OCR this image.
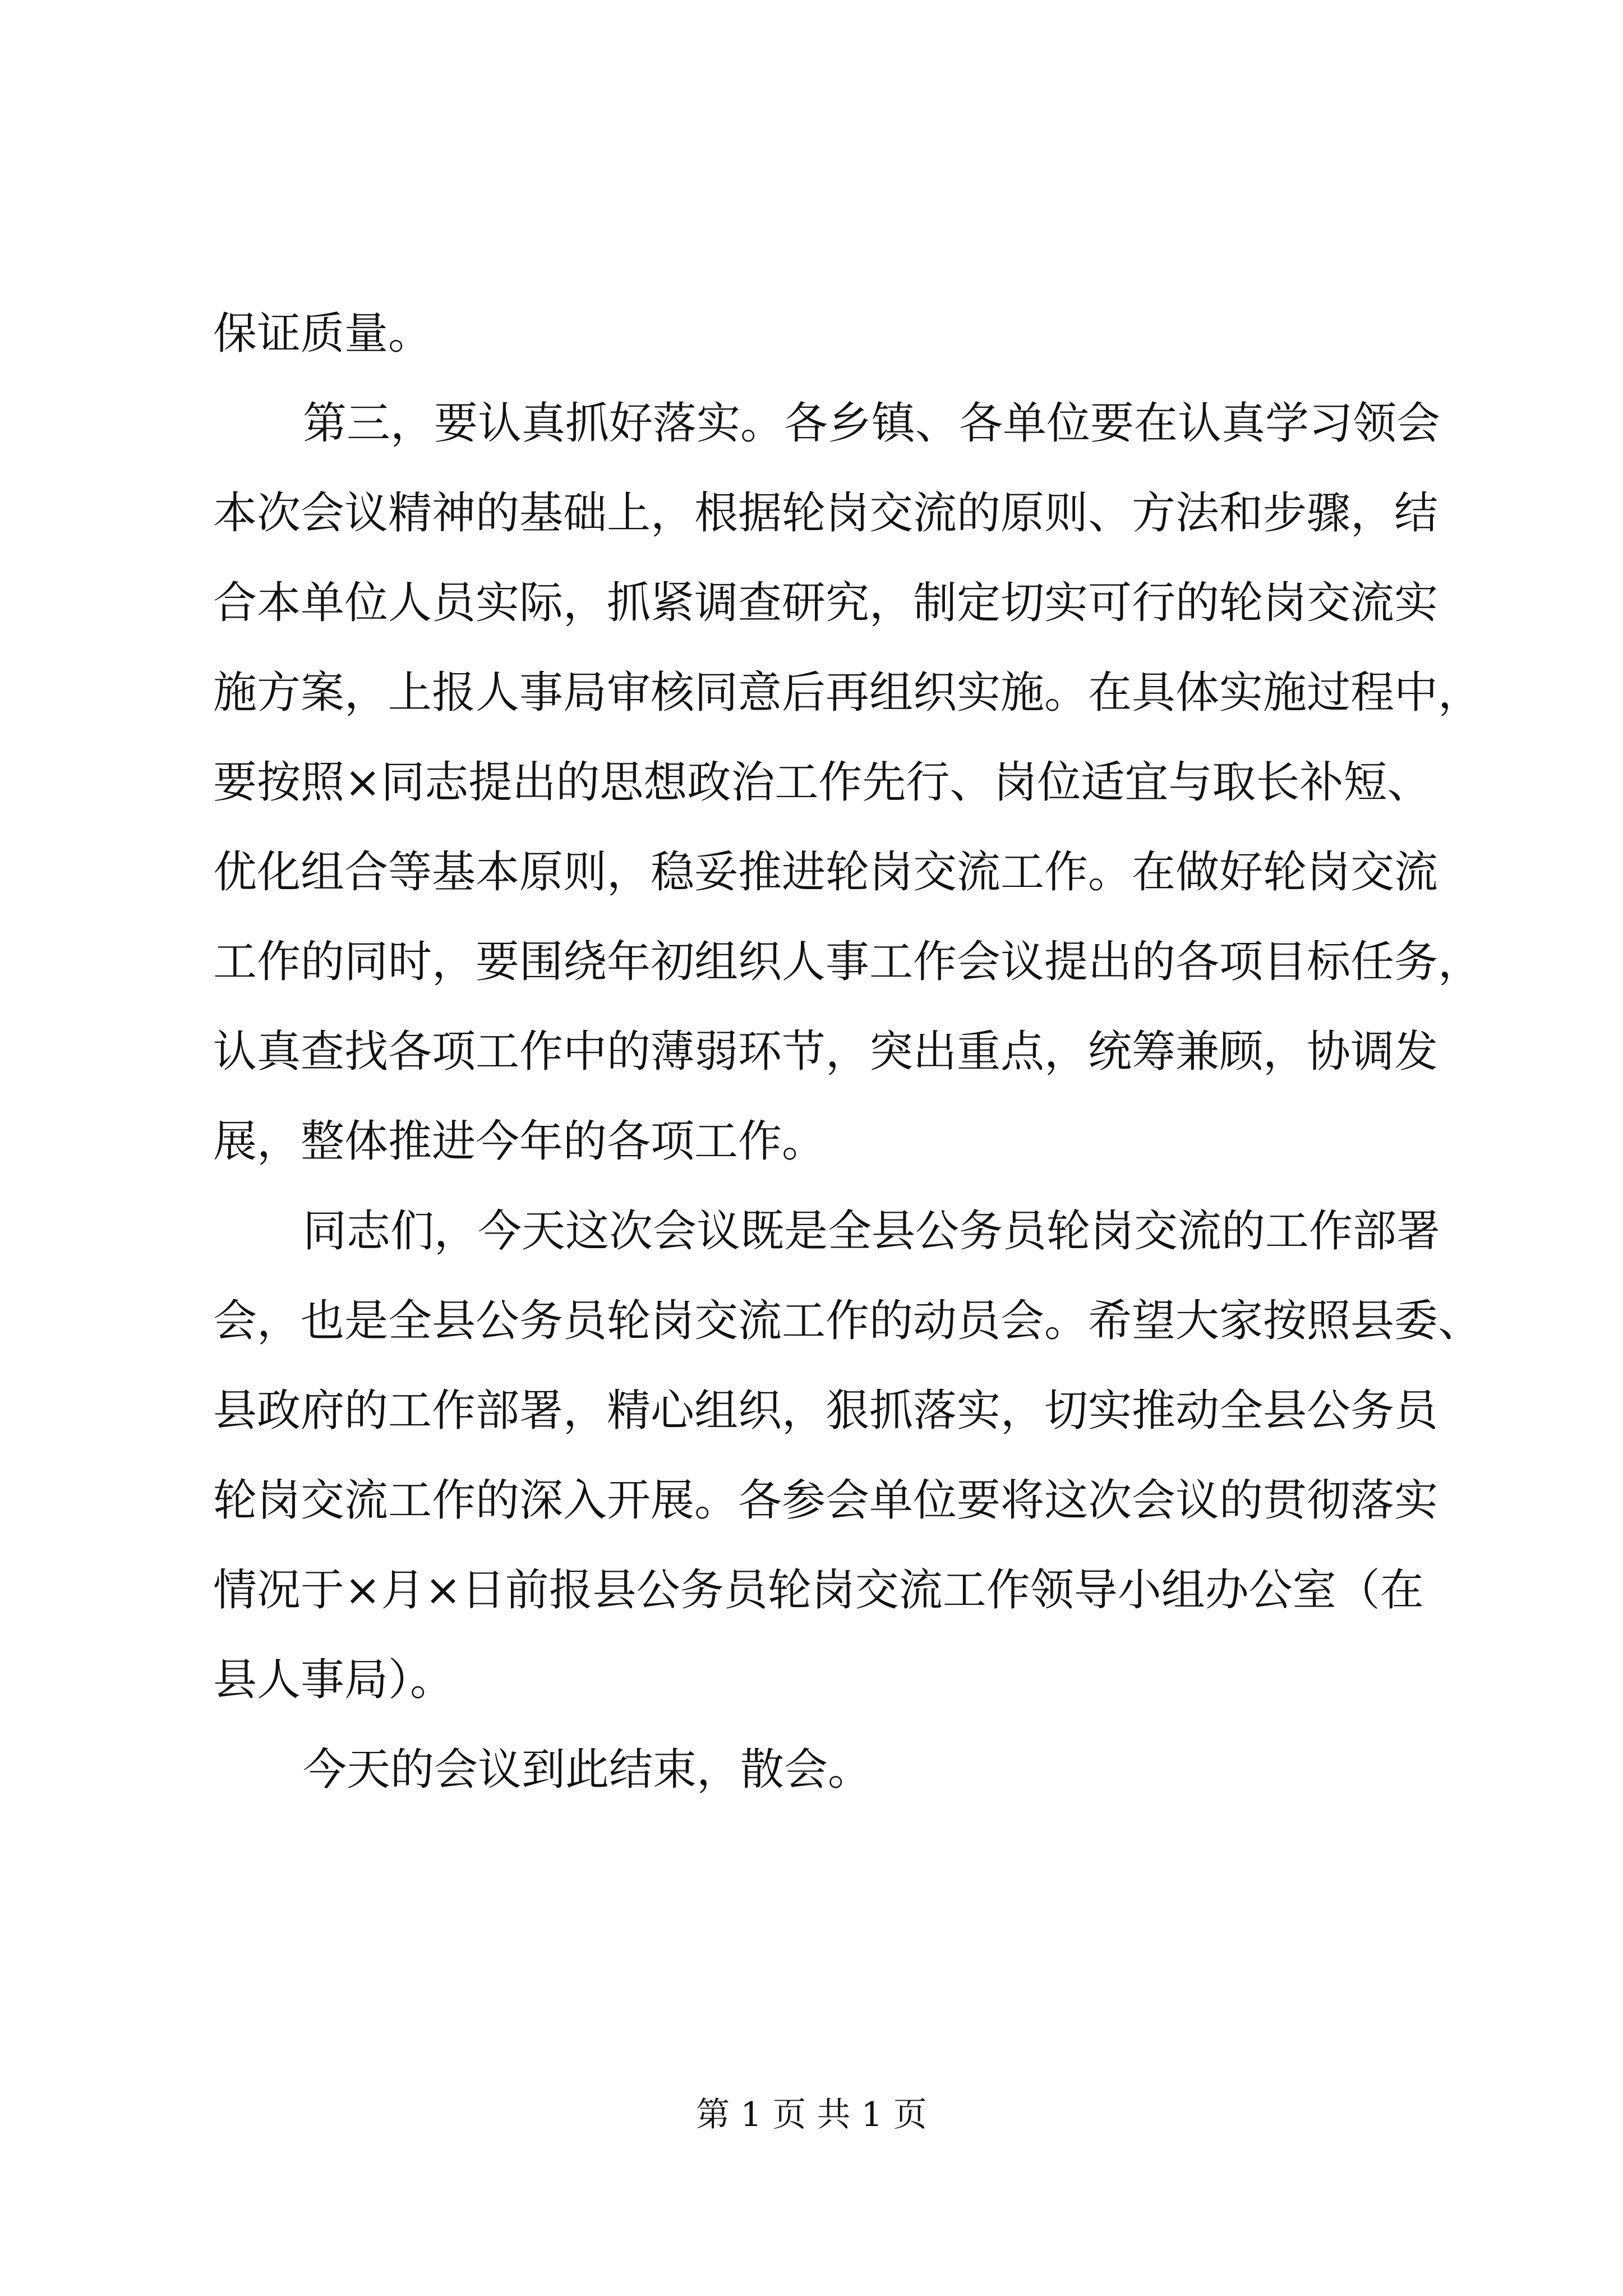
保证质量。
第三，要认真抓好落实。各乡镇、各单位要在认真学习领会
本次会议精神的基础上，根据轮岗交流的原则、方法和步骤，结
合本单位人员实际，抓紧调查研究，制定切实可行的轮岗交流实
施方案，上报人事局审核同意后再组织实施。在具体实施过程中，
要按照×同志提出的思想政治工作先行、岗位适宜与取长补短、
优化组合等基本原则，稳妥推进轮岗交流工作。在做好轮岗交流
工作的同时，要围绕年初组织人事工作会议提出的各项目标任务，
认真查找各项工作中的薄弱环节，突出重点，统筹兼顾，协调发
展，整体推进今年的各项工作。
同志们，今天这次会议既是全县公务员轮岗交流的工作部署
会，也是全县公务员轮岗交流工作的动员会。希望大家按照县委、
县政府的工作部署，精心组织，狠抓落实，切实推动全县公务员
轮岗交流工作的深入开展。各参会单位要将这次会议的贯彻落实
情况于×月×日前报县公务员轮岗交流工作领导小组办公室（在
县人事局）。
今天的会议到此结束，散会。
第 1 页 共 1 页
